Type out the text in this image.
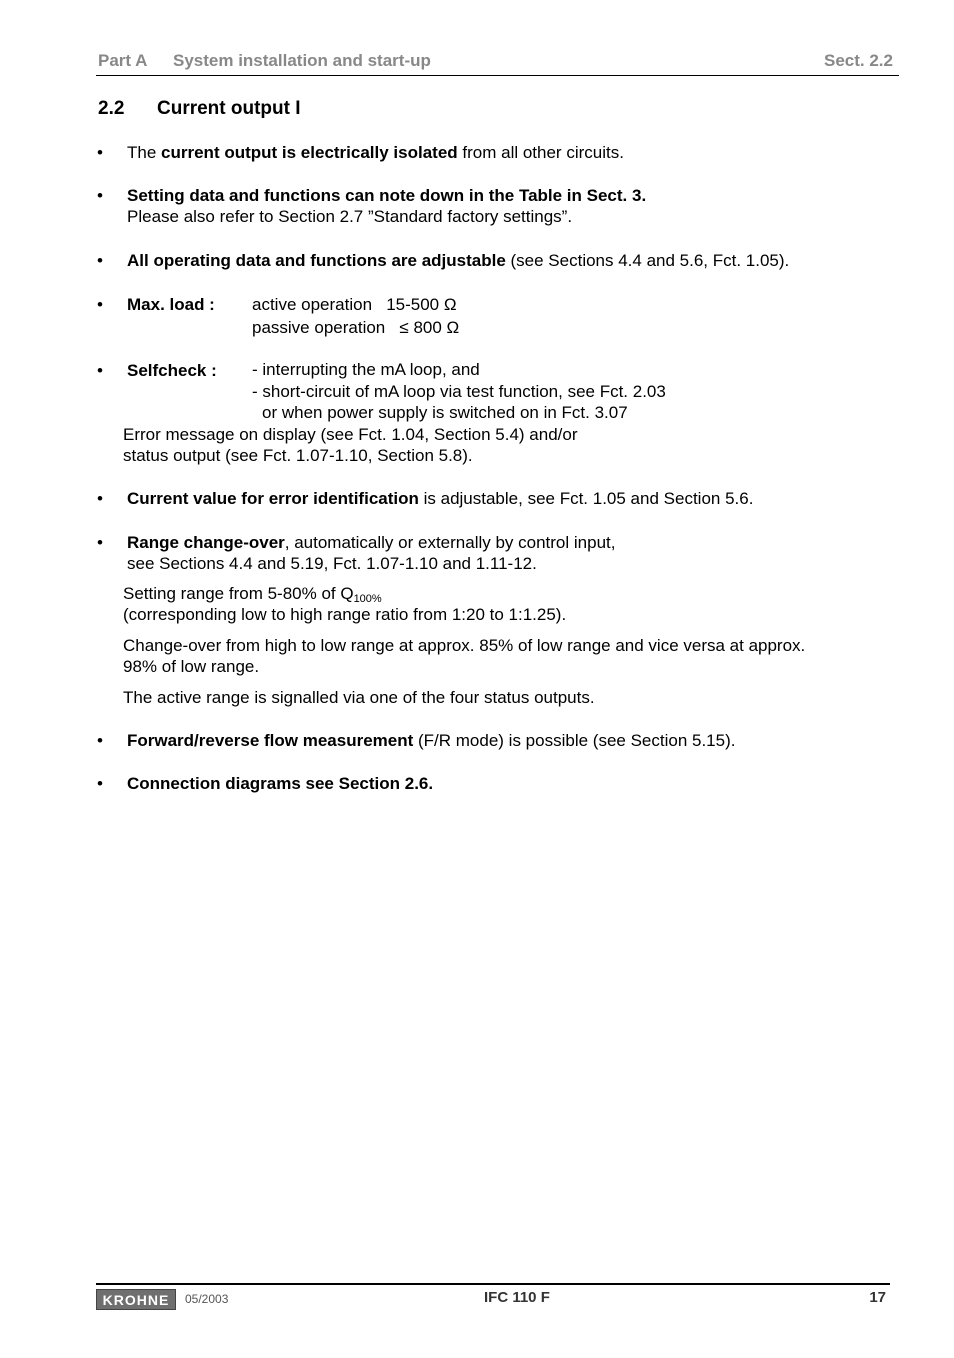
Part A System installation and start-up	Sect. 2.2
2.2 Current output I
• The current output is electrically isolated from all other circuits.
• Setting data and functions can note down in the Table in Sect. 3.
Please also refer to Section 2.7 ”Standard factory settings”.
• All operating data and functions are adjustable (see Sections 4.4 and 5.6, Fct. 1.05).
• Max. load : active operation   15-500 Ω
passive operation   ≤ 800 Ω
• Selfcheck : - interrupting the mA loop, and
- short-circuit of mA loop via test function, see Fct. 2.03
or when power supply is switched on in Fct. 3.07
Error message on display (see Fct. 1.04, Section 5.4) and/or
status output (see Fct. 1.07-1.10, Section 5.8).
• Current value for error identification is adjustable, see Fct. 1.05 and Section 5.6.
• Range change-over, automatically or externally by control input,
see Sections 4.4 and 5.19, Fct. 1.07-1.10 and 1.11-12.
Setting range from 5-80% of $Q_{100\%}$
(corresponding low to high range ratio from 1:20 to 1:1.25).
Change-over from high to low range at approx. 85% of low range and vice versa at approx.
98% of low range.
The active range is signalled via one of the four status outputs.
• Forward/reverse flow measurement (F/R mode) is possible (see Section 5.15).
• Connection diagrams see Section 2.6.
KROHNE	05/2003	IFC 110 F	17
